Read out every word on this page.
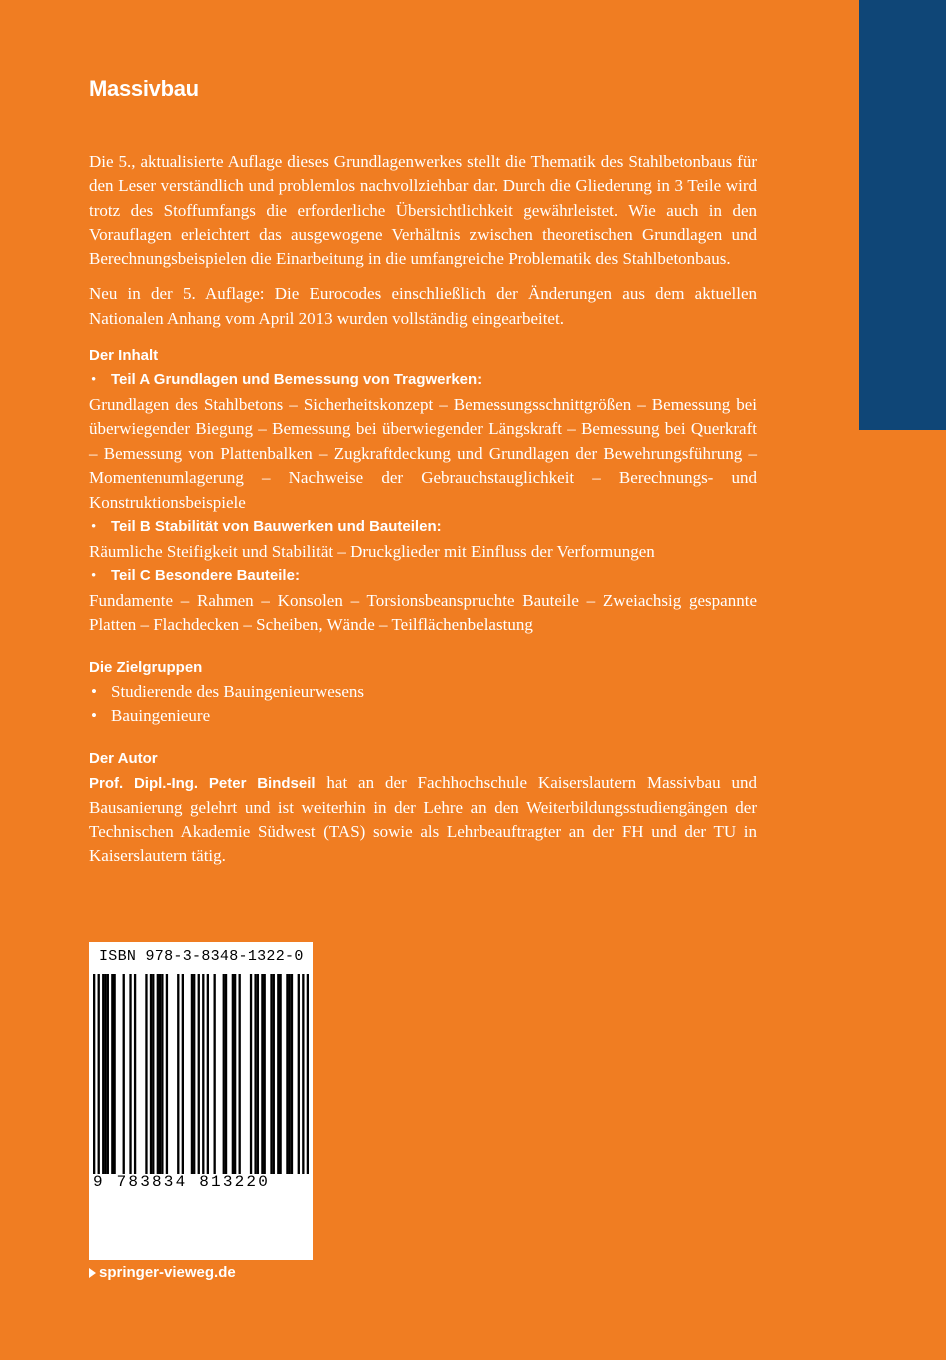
Massivbau

Die 5., aktualisierte Auflage dieses Grundlagenwerkes stellt die Thematik des Stahlbetonbaus für den Leser verständlich und problemlos nachvollziehbar dar. Durch die Gliederung in 3 Teile wird trotz des Stoffumfangs die erforderliche Übersichtlichkeit gewährleistet. Wie auch in den Vorauflagen erleichtert das ausgewogene Verhältnis zwischen theoretischen Grundlagen und Berechnungsbeispielen die Einarbeitung in die umfangreiche Problematik des Stahlbetonbaus.

Neu in der 5. Auflage: Die Eurocodes einschließlich der Änderungen aus dem aktuellen Nationalen Anhang vom April 2013 wurden vollständig eingearbeitet.

Der Inhalt
• Teil A Grundlagen und Bemessung von Tragwerken:

Grundlagen des Stahlbetons – Sicherheitskonzept – Bemessungsschnittgrößen – Bemessung bei überwiegender Biegung – Bemessung bei überwiegender Längskraft – Bemessung bei Querkraft – Bemessung von Plattenbalken – Zugkraftdeckung und Grundlagen der Bewehrungsführung – Momentenumlagerung – Nachweise der Gebrauchstauglichkeit – Berechnungs- und Konstruktionsbeispiele

• Teil B Stabilität von Bauwerken und Bauteilen:

Räumliche Steifigkeit und Stabilität – Druckglieder mit Einfluss der Verformungen

• Teil C Besondere Bauteile:

Fundamente – Rahmen – Konsolen – Torsionsbeanspruchte Bauteile – Zweiachsig gespannte Platten – Flachdecken – Scheiben, Wände – Teilflächenbelastung

Die Zielgruppen
• Studierende des Bauingenieurwesens
• Bauingenieure
Der Autor

Prof. Dipl.-Ing. Peter Bindseil hat an der Fachhochschule Kaiserslautern Massivbau und Bausanierung gelehrt und ist weiterhin in der Lehre an den Weiterbildungsstudiengängen der Technischen Akademie Südwest (TAS) sowie als Lehrbeauftragter an der FH und der TU in Kaiserslautern tätig.

ISBN 978-3-8348-1322-0
9 783834 813220
springer-vieweg.de
